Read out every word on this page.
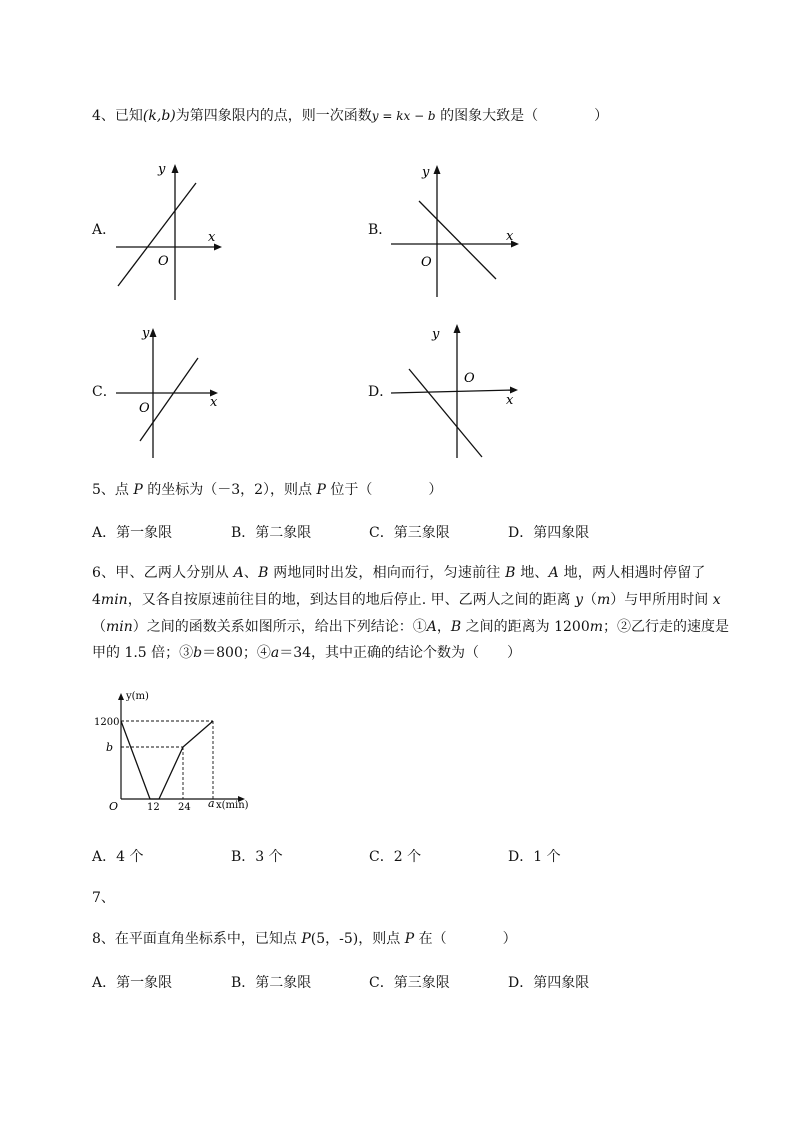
4、已知(k,b)为第四象限内的点，则一次函数y = kx − b 的图象大致是（　　　　）
A．	x
y
O
B．	x
y
O
C．
x
y
O
D．
x
y
O
5、点 P 的坐标为（－3，2），则点 P 位于（　　　　）
A．第一象限	B．第二象限	C．第三象限	D．第四象限
6、甲、乙两人分别从 A、B 两地同时出发，相向而行，匀速前往 B 地、A 地，两人相遇时停留了
4min，又各自按原速前往目的地，到达目的地后停止. 甲、乙两人之间的距离 y（m）与甲所用时间 x
（min）之间的函数关系如图所示，给出下列结论：①A，B 之间的距离为 1200m；②乙行走的速度是
甲的 1.5 倍；③b＝800；④a＝34，其中正确的结论个数为（　　）
y(m)
x(min)
1200
b
O	12 24 a
A．4 个	B．3 个	C．2 个	D．1 个
7、
8、在平面直角坐标系中，已知点 P(5，-5)，则点 P 在（　　　　）
A．第一象限	B．第二象限	C．第三象限	D．第四象限
